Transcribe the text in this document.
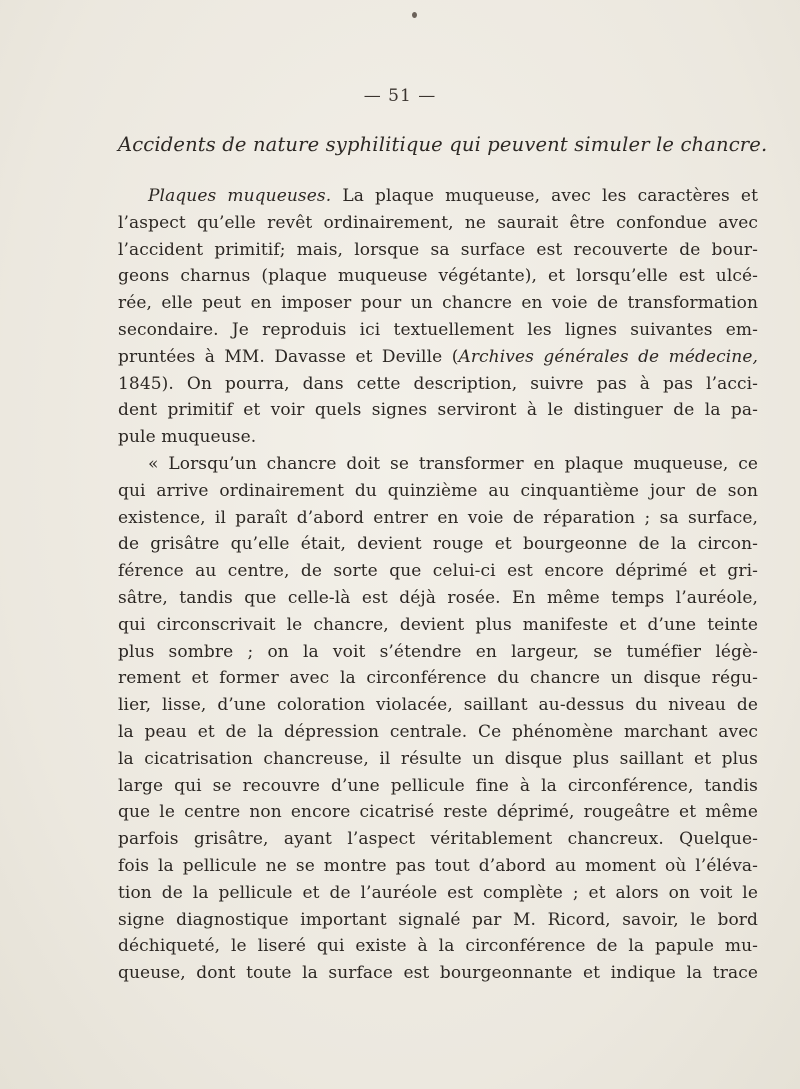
— 51 —
Accidents de nature syphilitique qui peuvent simuler le chancre.
Plaques muqueuses. La plaque muqueuse, avec les caractères et
l’aspect qu’elle revêt ordinairement, ne saurait être confondue avec
l’accident primitif; mais, lorsque sa surface est recouverte de bour-
geons charnus (plaque muqueuse végétante), et lorsqu’elle est ulcé-
rée, elle peut en imposer pour un chancre en voie de transformation
secondaire. Je reproduis ici textuellement les lignes suivantes em-
pruntées à MM. Davasse et Deville (Archives générales de médecine,
1845). On pourra, dans cette description, suivre pas à pas l’acci-
dent primitif et voir quels signes serviront à le distinguer de la pa-
pule muqueuse.
« Lorsqu’un chancre doit se transformer en plaque muqueuse, ce
qui arrive ordinairement du quinzième au cinquantième jour de son
existence, il paraît d’abord entrer en voie de réparation ; sa surface,
de grisâtre qu’elle était, devient rouge et bourgeonne de la circon-
férence au centre, de sorte que celui-ci est encore déprimé et gri-
sâtre, tandis que celle-là est déjà rosée. En même temps l’auréole,
qui circonscrivait le chancre, devient plus manifeste et d’une teinte
plus sombre ; on la voit s’étendre en largeur, se tuméfier légè-
rement et former avec la circonférence du chancre un disque régu-
lier, lisse, d’une coloration violacée, saillant au-dessus du niveau de
la peau et de la dépression centrale. Ce phénomène marchant avec
la cicatrisation chancreuse, il résulte un disque plus saillant et plus
large qui se recouvre d’une pellicule fine à la circonférence, tandis
que le centre non encore cicatrisé reste déprimé, rougeâtre et même
parfois grisâtre, ayant l’aspect véritablement chancreux. Quelque-
fois la pellicule ne se montre pas tout d’abord au moment où l’éléva-
tion de la pellicule et de l’auréole est complète ; et alors on voit le
signe diagnostique important signalé par M. Ricord, savoir, le bord
déchiqueté, le liseré qui existe à la circonférence de la papule mu-
queuse, dont toute la surface est bourgeonnante et indique la trace
